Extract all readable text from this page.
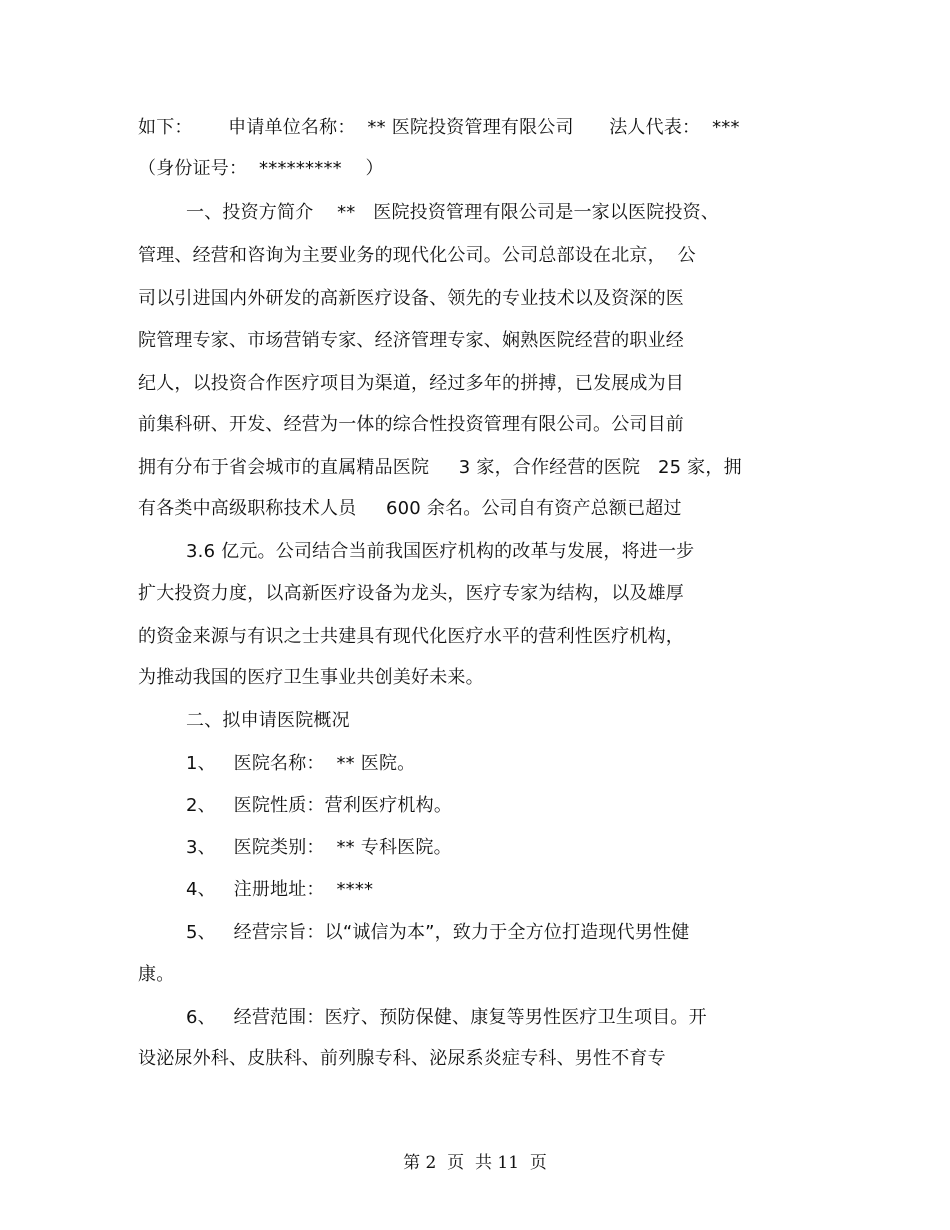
如下：      申请单位名称：  ** 医院投资管理有限公司      法人代表：  ***
（身份证号：  *********    ）
一、投资方简介    **   医院投资管理有限公司是一家以医院投资、
管理、经营和咨询为主要业务的现代化公司。公司总部设在北京，  公
司以引进国内外研发的高新医疗设备、领先的专业技术以及资深的医
院管理专家、市场营销专家、经济管理专家、娴熟医院经营的职业经
纪人，以投资合作医疗项目为渠道，经过多年的拼搏，已发展成为目
前集科研、开发、经营为一体的综合性投资管理有限公司。公司目前
拥有分布于省会城市的直属精品医院     3 家，合作经营的医院   25 家，拥
有各类中高级职称技术人员     600 余名。公司自有资产总额已超过
3.6 亿元。公司结合当前我国医疗机构的改革与发展，将进一步
扩大投资力度，以高新医疗设备为龙头，医疗专家为结构，以及雄厚
的资金来源与有识之士共建具有现代化医疗水平的营利性医疗机构，
为推动我国的医疗卫生事业共创美好未来。
二、拟申请医院概况
1、   医院名称：  ** 医院。
2、   医院性质：营利医疗机构。
3、   医院类别：  ** 专科医院。
4、   注册地址：  ****
5、   经营宗旨：以“诚信为本”，致力于全方位打造现代男性健
康。
6、   经营范围：医疗、预防保健、康复等男性医疗卫生项目。开
设泌尿外科、皮肤科、前列腺专科、泌尿系炎症专科、男性不育专
第 2  页  共 11  页
